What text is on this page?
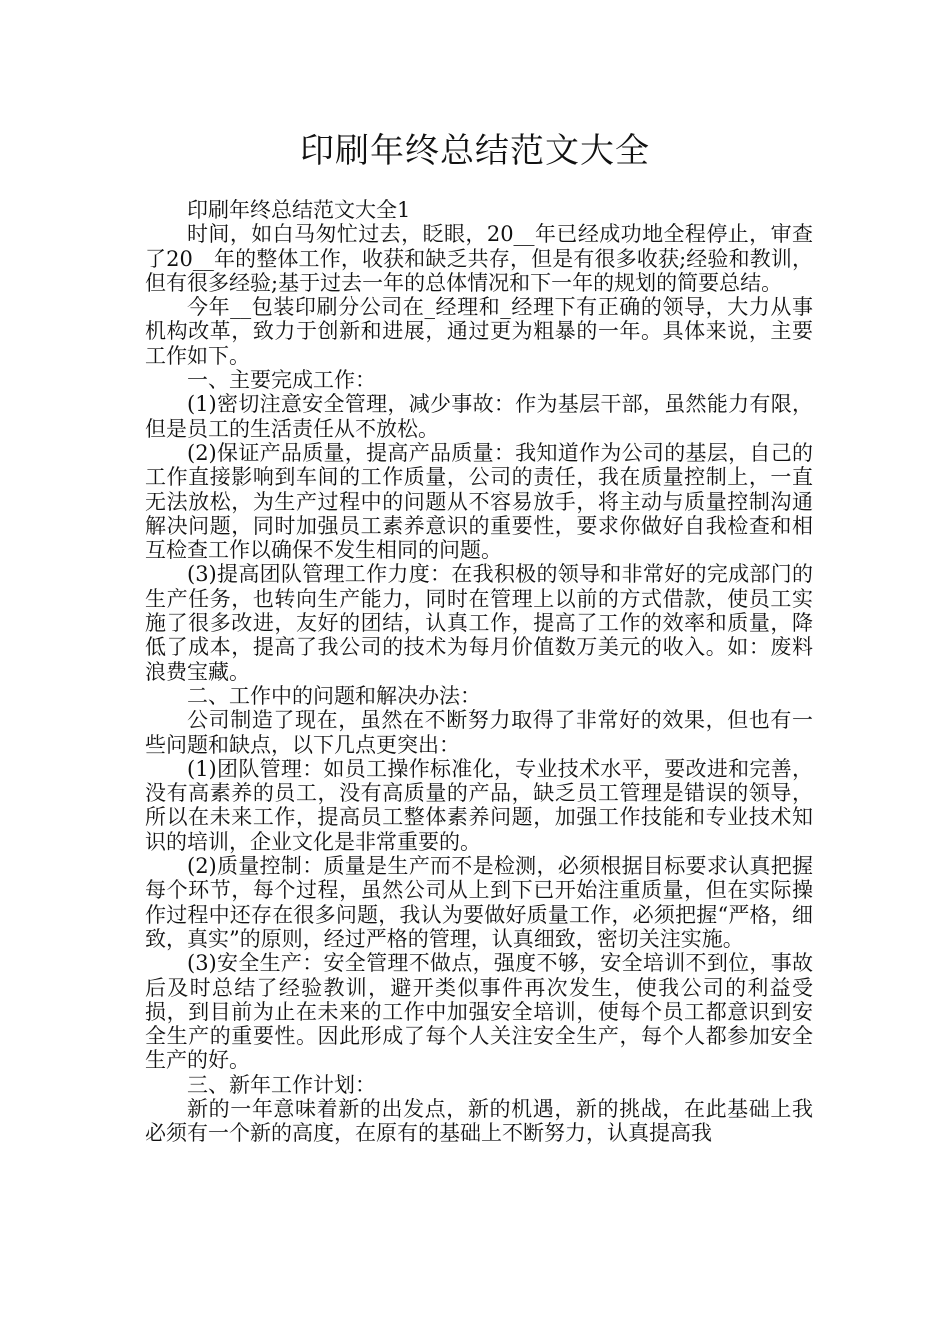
印刷年终总结范文大全

印刷年终总结范文大全1

时间，如白马匆忙过去，眨眼，20__年已经成功地全程停止，审查了20__年的整体工作，收获和缺乏共存，但是有很多收获;经验和教训，但有很多经验;基于过去一年的总体情况和下一年的规划的简要总结。

今年__包装印刷分公司在_经理和_经理下有正确的领导，大力从事机构改革，致力于创新和进展，通过更为粗暴的一年。具体来说，主要工作如下。

一、主要完成工作：

(1)密切注意安全管理，减少事故：作为基层干部，虽然能力有限，但是员工的生活责任从不放松。

(2)保证产品质量，提高产品质量：我知道作为公司的基层，自己的工作直接影响到车间的工作质量，公司的责任，我在质量控制上，一直无法放松，为生产过程中的问题从不容易放手，将主动与质量控制沟通解决问题，同时加强员工素养意识的重要性，要求你做好自我检查和相互检查工作以确保不发生相同的问题。

(3)提高团队管理工作力度：在我积极的领导和非常好的完成部门的生产任务，也转向生产能力，同时在管理上以前的方式借款，使员工实施了很多改进，友好的团结，认真工作，提高了工作的效率和质量，降低了成本，提高了我公司的技术为每月价值数万美元的收入。如：废料浪费宝藏。

二、工作中的问题和解决办法：

公司制造了现在，虽然在不断努力取得了非常好的效果，但也有一些问题和缺点，以下几点更突出：

(1)团队管理：如员工操作标准化，专业技术水平，要改进和完善，没有高素养的员工，没有高质量的产品，缺乏员工管理是错误的领导，所以在未来工作，提高员工整体素养问题，加强工作技能和专业技术知识的培训，企业文化是非常重要的。

(2)质量控制：质量是生产而不是检测，必须根据目标要求认真把握每个环节，每个过程，虽然公司从上到下已开始注重质量，但在实际操作过程中还存在很多问题，我认为要做好质量工作，必须把握“严格，细致，真实”的原则，经过严格的管理，认真细致，密切关注实施。

(3)安全生产：安全管理不做点，强度不够，安全培训不到位，事故后及时总结了经验教训，避开类似事件再次发生，使我公司的利益受损，到目前为止在未来的工作中加强安全培训，使每个员工都意识到安全生产的重要性。因此形成了每个人关注安全生产，每个人都参加安全生产的好。

三、新年工作计划：

新的一年意味着新的出发点，新的机遇，新的挑战，在此基础上我必须有一个新的高度，在原有的基础上不断努力，认真提高我
